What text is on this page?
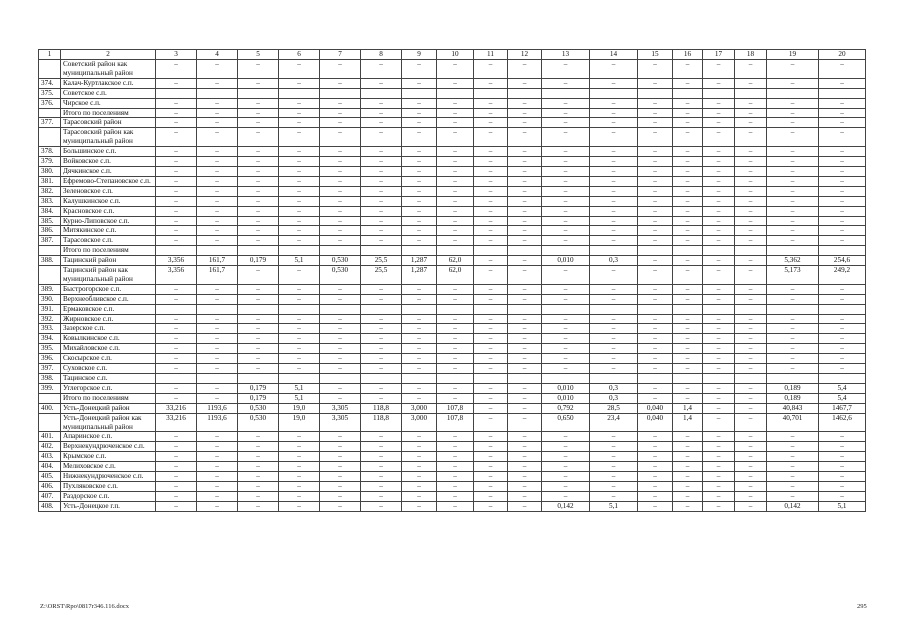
1	2	3	4	5	6	7	8	9	10	11	12	13	14	15	16	17	18	19	20
	Советский район как муниципальный район	–	–	–	–	–	–	–	–	–	–	–	–	–	–	–	–	–	–
374.	Калач-Куртлакское с.п.	–	–	–	–	–	–	–	–	–	–	–	–	–	–	–	–	–	–
375.	Советское с.п.																		
376.	Чирское с.п.	–	–	–	–	–	–	–	–	–	–	–	–	–	–	–	–	–	–
	Итого по поселениям	–	–	–	–	–	–	–	–	–	–	–	–	–	–	–	–	–	–
377.	Тарасовский район	–	–	–	–	–	–	–	–	–	–	–	–	–	–	–	–	–	–
	Тарасовский район как муниципальный район	–	–	–	–	–	–	–	–	–	–	–	–	–	–	–	–	–	–
378.	Большинское с.п.	–	–	–	–	–	–	–	–	–	–	–	–	–	–	–	–	–	–
379.	Войковское с.п.	–	–	–	–	–	–	–	–	–	–	–	–	–	–	–	–	–	–
380.	Дячкинское с.п.	–	–	–	–	–	–	–	–	–	–	–	–	–	–	–	–	–	–
381.	Ефремово-Степановское с.п.	–	–	–	–	–	–	–	–	–	–	–	–	–	–	–	–	–	–
382.	Зеленовское с.п.	–	–	–	–	–	–	–	–	–	–	–	–	–	–	–	–	–	–
383.	Калушкинское с.п.	–	–	–	–	–	–	–	–	–	–	–	–	–	–	–	–	–	–
384.	Красновское с.п.	–	–	–	–	–	–	–	–	–	–	–	–	–	–	–	–	–	–
385.	Курно-Липовское с.п.	–	–	–	–	–	–	–	–	–	–	–	–	–	–	–	–	–	–
386.	Митякинское с.п.	–	–	–	–	–	–	–	–	–	–	–	–	–	–	–	–	–	–
387.	Тарасовское с.п.	–	–	–	–	–	–	–	–	–	–	–	–	–	–	–	–	–	–
	Итого по поселениям																		
388.	Тацинский район	3,356	161,7	0,179	5,1	0,530	25,5	1,287	62,0	–	–	0,010	0,3	–	–	–	–	5,362	254,6
	Тацинский район как муниципальный район	3,356	161,7	–	–	0,530	25,5	1,287	62,0	–	–	–	–	–	–	–	–	5,173	249,2
389.	Быстрогорское с.п.	–	–	–	–	–	–	–	–	–	–	–	–	–	–	–	–	–	–
390.	Верхнеобливское с.п.	–	–	–	–	–	–	–	–	–	–	–	–	–	–	–	–	–	–
391.	Ермаковское с.п.																		
392.	Жирновское с.п.	–	–	–	–	–	–	–	–	–	–	–	–	–	–	–	–	–	–
393.	Зазерское с.п.	–	–	–	–	–	–	–	–	–	–	–	–	–	–	–	–	–	–
394.	Ковылкинское с.п.	–	–	–	–	–	–	–	–	–	–	–	–	–	–	–	–	–	–
395.	Михайловское с.п.	–	–	–	–	–	–	–	–	–	–	–	–	–	–	–	–	–	–
396.	Скосырское с.п.	–	–	–	–	–	–	–	–	–	–	–	–	–	–	–	–	–	–
397.	Суховское с.п.	–	–	–	–	–	–	–	–	–	–	–	–	–	–	–	–	–	–
398.	Тацинское с.п.																		
399.	Углегорское с.п.	–	–	0,179	5,1	–	–	–	–	–	–	0,010	0,3	–	–	–	–	0,189	5,4
	Итого по поселениям	–	–	0,179	5,1	–	–	–	–	–	–	0,010	0,3	–	–	–	–	0,189	5,4
400.	Усть-Донецкий район	33,216	1193,6	0,530	19,0	3,305	118,8	3,000	107,8	–	–	0,792	28,5	0,040	1,4	–	–	40,843	1467,7
	Усть-Донецкий район как муниципальный район	33,216	1193,6	0,530	19,0	3,305	118,8	3,000	107,8	–	–	0,650	23,4	0,040	1,4	–	–	40,701	1462,6
401.	Апаринское с.п.	–	–	–	–	–	–	–	–	–	–	–	–	–	–	–	–	–	–
402.	Верхнекундрюченское с.п.	–	–	–	–	–	–	–	–	–	–	–	–	–	–	–	–	–	–
403.	Крымское с.п.	–	–	–	–	–	–	–	–	–	–	–	–	–	–	–	–	–	–
404.	Мелиховское с.п.	–	–	–	–	–	–	–	–	–	–	–	–	–	–	–	–	–	–
405.	Нижнекундрюченское с.п.	–	–	–	–	–	–	–	–	–	–	–	–	–	–	–	–	–	–
406.	Пухляковское с.п.	–	–	–	–	–	–	–	–	–	–	–	–	–	–	–	–	–	–
407.	Раздорское с.п.	–	–	–	–	–	–	–	–	–	–	–	–	–	–	–	–	–	–
408.	Усть-Донецкое г.п.	–	–	–	–	–	–	–	–	–	–	0,142	5,1	–	–	–	–	0,142	5,1
Z:\ORST\Rpo\0817r346.116.docx	295
